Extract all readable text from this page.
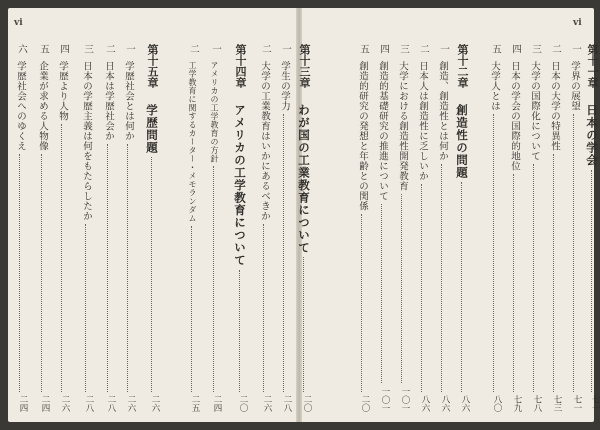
vi	vi
六
学歴社会へのゆくえ
二四
五
企業が求める人物像
二四
四
学歴より人物
二六
三
日本の学歴主義は何をもたらしたか
二八
二
日本は学歴社会か
二八
一
学歴社会とは何か
二六
第十五章
学歴問題
二六
二
工学教育に関するカーター・メモランダム
二五
一
アメリカの工学教育の方針
二四
第十四章
アメリカの工学教育について
二〇
二
大学の工業教育はいかにあるべきか
二六
一
学生の学力
二八
第十三章
わが国の工業教育について
二〇
五
創造的研究の発想と年齢との関係
二〇
四
創造的基礎研究の推進について
一〇一
三
大学における創造性開発教育
一〇一
二
日本人は創造性に乏しいか
八六
一
創造、創造性とは何か
八六
第十二章
創造性の問題
八六
五
大学人とは
八〇
四
日本の学会の国際的地位
七九
三
大学の国際化について
七八
二
日本の大学の特異性
七三
一
学界の展望
七一
第十一章
日本の学会
七一
